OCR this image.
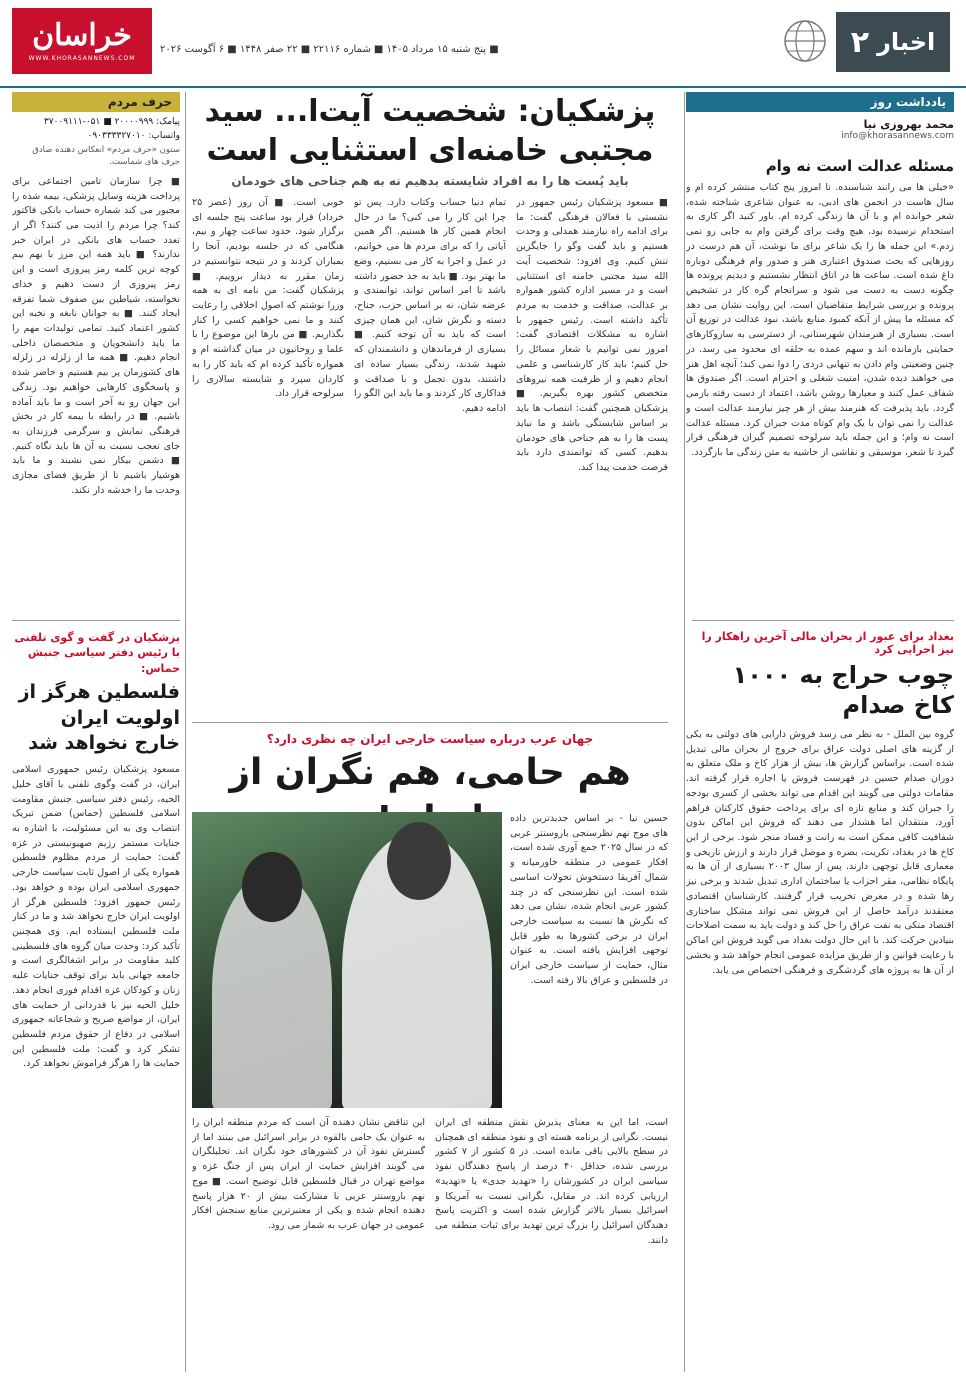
اخبار
۲
■ پنج شنبه ۱۵ مرداد ۱۴۰۵ ■ شماره ۲۲۱۱۶ ■ ۲۲ صفر ۱۴۴۸ ■ ۶ آگوست ۲۰۲۶
خراسان
WWW.KHORASANNEWS.COM
یادداشت روز
محمد بهروزی نیا
info@khorasannews.com
مسئله عدالت است نه وام
«خیلی ها می رانند شناسنده. تا امروز پنج کتاب منتشر کرده ام و سال هاست در انجمن های ادبی، به عنوان شاعری شناخته شده، شعر خوانده ام و با آن ها زندگی کرده ام. باور کنید اگر کاری به استخدام نرسیده بود، هیچ وقت برای گرفتن وام به جایی رو نمی زدم.» این جمله ها را یک شاعر برای ما نوشت، آن هم درست در روزهایی که بحث صندوق اعتباری هنر و صدور وام فرهنگی دوباره داغ شده است. ساعت ها در اتاق انتظار نشستیم و دیدیم پرونده ها چگونه دست به دست می شود و سرانجام گره کار در تشخیص پرونده و بررسی شرایط متقاضیان است. این روایت نشان می دهد که مسئله ما پیش از آنکه کمبود منابع باشد، نبود عدالت در توزیع آن است. بسیاری از هنرمندان شهرستانی، از دسترسی به سازوکارهای حمایتی بازمانده اند و سهم عمده به حلقه ای محدود می رسد. در چنین وضعیتی وام دادن به تنهایی دردی را دوا نمی کند؛ آنچه اهل هنر می خواهند دیده شدن، امنیت شغلی و احترام است. اگر صندوق ها شفاف عمل کنند و معیارها روشن باشد، اعتماد از دست رفته بازمی گردد. باید پذیرفت که هنرمند بیش از هر چیز نیازمند عدالت است و عدالت را نمی توان با یک وام کوتاه مدت جبران کرد. مسئله عدالت است نه وام؛ و این جمله باید سرلوحه تصمیم گیران فرهنگی قرار گیرد تا شعر، موسیقی و نقاشی از حاشیه به متن زندگی ما بازگردد.
بغداد برای عبور از بحران مالی آخرین راهکار را نیز اجرایی کرد
چوب حراج به ۱۰۰۰ کاخ صدام
گروه بین الملل - به نظر می رسد فروش دارایی های دولتی به یکی از گزینه های اصلی دولت عراق برای خروج از بحران مالی تبدیل شده است. براساس گزارش ها، بیش از هزار کاخ و ملک متعلق به دوران صدام حسین در فهرست فروش یا اجاره قرار گرفته اند. مقامات دولتی می گویند این اقدام می تواند بخشی از کسری بودجه را جبران کند و منابع تازه ای برای پرداخت حقوق کارکنان فراهم آورد. منتقدان اما هشدار می دهند که فروش این اماکن بدون شفافیت کافی ممکن است به رانت و فساد منجر شود. برخی از این کاخ ها در بغداد، تکریت، بصره و موصل قرار دارند و ارزش تاریخی و معماری قابل توجهی دارند. پس از سال ۲۰۰۳ بسیاری از آن ها به پایگاه نظامی، مقر احزاب یا ساختمان اداری تبدیل شدند و برخی نیز رها شده و در معرض تخریب قرار گرفتند. کارشناسان اقتصادی معتقدند درآمد حاصل از این فروش نمی تواند مشکل ساختاری اقتصاد متکی به نفت عراق را حل کند و دولت باید به سمت اصلاحات بنیادین حرکت کند. با این حال دولت بغداد می گوید فروش این اماکن با رعایت قوانین و از طریق مزایده عمومی انجام خواهد شد و بخشی از آن ها به پروژه های گردشگری و فرهنگی اختصاص می یابد.
پزشکیان: شخصیت آیت‌ا... سید مجتبی خامنه‌ای استثنایی است
باید پُست ها را به افراد شایسته بدهیم نه به هم جناحی های خودمان
■ مسعود پزشکیان رئیس جمهور در نشستی با فعالان فرهنگی گفت: ما برای ادامه راه نیازمند همدلی و وحدت هستیم و باید گفت وگو را جایگزین تنش کنیم. وی افزود: شخصیت آیت الله سید مجتبی خامنه ای استثنایی است و در مسیر اداره کشور همواره بر عدالت، صداقت و خدمت به مردم تأکید داشته است. رئیس جمهور با اشاره به مشکلات اقتصادی گفت: امروز نمی توانیم با شعار مسائل را حل کنیم؛ باید کار کارشناسی و علمی انجام دهیم و از ظرفیت همه نیروهای متخصص کشور بهره بگیریم. ■ پزشکیان همچنین گفت: انتصاب ها باید بر اساس شایستگی باشد و ما نباید پست ها را به هم جناحی های خودمان بدهیم. کسی که توانمندی دارد باید فرصت خدمت پیدا کند.
تمام دنیا حساب وکتاب دارد. پس تو چرا این کار را می کنی؟ ما در حال انجام همین کار ها هستیم. اگر همین آیاتی را که برای مردم ها می خوانیم، در عمل و اجرا به کار می بستیم، وضع ما بهتر بود. ■ باید به جد حضور داشته باشد تا امر اساس تواند، توانمندی و عرضه شان، نه بر اساس حزب، جناح، دسته و نگرش شان. این همان چیزی است که باید به آن توجه کنیم. ■ بسیاری از فرماندهان و دانشمندان که شهید شدند، زندگی بسیار ساده ای داشتند، بدون تجمل و با صداقت و فداکاری کار کردند و ما باید این الگو را ادامه دهیم.
خوبی است. ■ آن روز (عصر ۲۵ خرداد) قرار بود ساعت پنج جلسه ای برگزار شود. حدود ساعت چهار و نیم، هنگامی که در جلسه بودیم، آنجا را بمباران کردند و در نتیجه نتوانستیم در زمان مقرر به دیدار بروییم. ■ پزشکیان گفت: من نامه ای به همه وزرا نوشتم که اصول اخلاقی را رعایت کنند و ما نمی خواهیم کسی را کنار بگذاریم. ■ من بارها این موضوع را با علما و روحانیون در میان گذاشته ام و همواره تأکید کرده ام که باید کار را به کاردان سپرد و شایسته سالاری را سرلوحه قرار داد.
جهان عرب درباره سیاست خارجی ایران چه نظری دارد؟
هم حامی، هم نگران از
حسین نیا - بر اساس جدیدترین داده های موج نهم نظرسنجی باروسنتر عربی که در سال ۲۰۲۵ جمع آوری شده است، افکار عمومی در منطقه خاورمیانه و شمال آفریقا دستخوش تحولات اساسی شده است. این نظرسنجی که در چند کشور عربی انجام شده، نشان می دهد که نگرش ها نسبت به سیاست خارجی ایران در برخی کشورها به طور قابل توجهی افزایش یافته است. به عنوان مثال، حمایت از سیاست خارجی ایران در فلسطین و عراق بالا رفته است.
است، اما این به معنای پذیرش نقش منطقه ای ایران نیست. نگرانی از برنامه هسته ای و نفوذ منطقه ای همچنان در سطح بالایی باقی مانده است. در ۵ کشور از ۷ کشور بررسی شده، حداقل ۴۰ درصد از پاسخ دهندگان نفوذ سیاسی ایران در کشورشان را «تهدید جدی» یا «تهدید» ارزیابی کرده اند. در مقابل، نگرانی نسبت به آمریکا و اسرائیل بسیار بالاتر گزارش شده است و اکثریت پاسخ دهندگان اسرائیل را بزرگ ترین تهدید برای ثبات منطقه می دانند.
این تناقض نشان دهنده آن است که مردم منطقه ایران را به عنوان یک حامی بالقوه در برابر اسرائیل می بینند اما از گسترش نفوذ آن در کشورهای خود نگران اند. تحلیلگران می گویند افزایش حمایت از ایران پس از جنگ غزه و مواضع تهران در قبال فلسطین قابل توضیح است. ■ موج نهم باروسنتر عربی با مشارکت بیش از ۲۰ هزار پاسخ دهنده انجام شده و یکی از معتبرترین منابع سنجش افکار عمومی در جهان عرب به شمار می رود.
حرف مردم
پیامک: ۲۰۰۰۰۹۹۹ ■ ۰۵۱-۳۷۰۰۹۱۱۱
واتساپ: ۰۹۰۳۳۳۳۲۷۰۱۰
ستون «حرف مردم» انعکاس دهنده صادق حرف های شماست.
■ چرا سازمان تامین اجتماعی برای پرداخت هزینه وسایل پزشکی، بیمه شده را مجبور می کند شماره حساب بانکی فاکتور کند؟ چرا مردم را اذیت می کنند؟ اگر از تعدد حساب های بانکی در ایران خبر ندارند؟ ■ باید همه این مرز با بهم بیم کوچه ترین کلمه رمز پیروزی است و این رمز پیروزی از دست دهیم و خدای نخواسته، شیاطین بین صفوف شما تفرقه ایجاد کنند. ■ به جوانان نابغه و نخبه این کشور اعتماد کنید. تمامی تولیدات مهم را ما باید دانشجویان و متخصصان داخلی انجام دهیم. ■ همه ما از زلزله در زلزله های کشورمان پر بیم هستیم و حاضر شده و پاسخگوی کارهایی خواهیم بود. زندگی این جهان رو به آخر است و ما باید آماده باشیم. ■ در رابطه با بیمه کار در بخش فرهنگی نمایش و سرگرمی فرزندان به جای تعجب نسبت به آن ها باید نگاه کنیم. ■ دشمن بیکار نمی نشیند و ما باید هوشیار باشیم تا از طریق فضای مجازی وحدت ما را خدشه دار نکند.
پزشکیان در گفت و گوی تلفنی با رئیس دفتر سیاسی جنبش حماس:
فلسطین هرگز از اولویت ایران خارج نخواهد شد
مسعود پزشکیان رئیس جمهوری اسلامی ایران، در گفت وگوی تلفنی با آقای خلیل الحیه، رئیس دفتر سیاسی جنبش مقاومت اسلامی فلسطین (حماس) ضمن تبریک انتصاب وی به این مسئولیت، با اشاره به جنایات مستمر رژیم صهیونیستی در غزه گفت: حمایت از مردم مظلوم فلسطین همواره یکی از اصول ثابت سیاست خارجی جمهوری اسلامی ایران بوده و خواهد بود. رئیس جمهور افزود: فلسطین هرگز از اولویت ایران خارج نخواهد شد و ما در کنار ملت فلسطین ایستاده ایم. وی همچنین تأکید کرد: وحدت میان گروه های فلسطینی کلید مقاومت در برابر اشغالگری است و جامعه جهانی باید برای توقف جنایات علیه زنان و کودکان غزه اقدام فوری انجام دهد. خلیل الحیه نیز با قدردانی از حمایت های ایران، از مواضع صریح و شجاعانه جمهوری اسلامی در دفاع از حقوق مردم فلسطین تشکر کرد و گفت: ملت فلسطین این حمایت ها را هرگز فراموش نخواهد کرد.
